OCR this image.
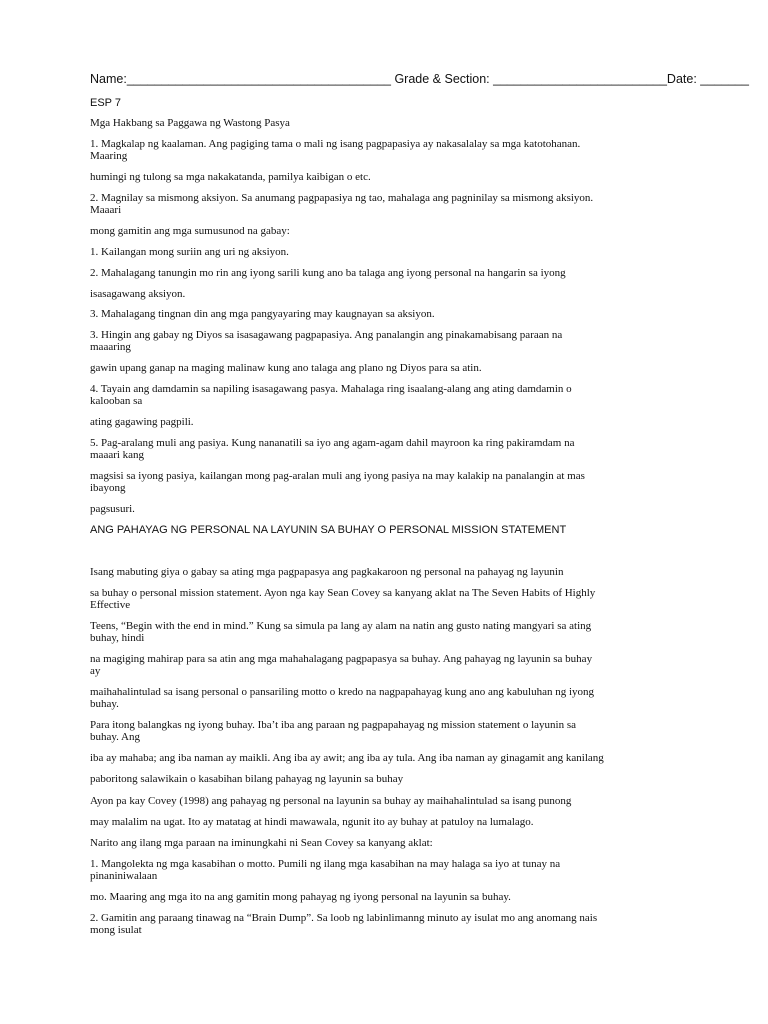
Name:______________________________________ Grade & Section: _________________________Date: _______

ESP 7

Mga Hakbang sa Paggawa ng Wastong Pasya

1. Magkalap ng kaalaman. Ang pagiging tama o mali ng isang pagpapasiya ay nakasalalay sa mga katotohanan.

Maaring

humingi ng tulong sa mga nakakatanda, pamilya kaibigan o etc.

2. Magnilay sa mismong aksiyon. Sa anumang pagpapasiya ng tao, mahalaga ang pagninilay sa mismong aksiyon.

Maaari

mong gamitin ang mga sumusunod na gabay:

1. Kailangan mong suriin ang uri ng aksiyon.

2. Mahalagang tanungin mo rin ang iyong sarili kung ano ba talaga ang iyong personal na hangarin sa iyong

isasagawang aksiyon.

3. Mahalagang tingnan din ang mga pangyayaring may kaugnayan sa aksiyon.

3. Hingin ang gabay ng Diyos sa isasagawang pagpapasiya. Ang panalangin ang pinakamabisang paraan na

maaaring

gawin upang ganap na maging malinaw kung ano talaga ang plano ng Diyos para sa atin.

4. Tayain ang damdamin sa napiling isasagawang pasya. Mahalaga ring isaalang-alang ang ating damdamin o

kalooban sa

ating gagawing pagpili.

5. Pag-aralang muli ang pasiya. Kung nananatili sa iyo ang agam-agam dahil mayroon ka ring pakiramdam na

maaari kang

magsisi sa iyong pasiya, kailangan mong pag-aralan muli ang iyong pasiya na may kalakip na panalangin at mas

ibayong

pagsusuri.

ANG PAHAYAG NG PERSONAL NA LAYUNIN SA BUHAY O PERSONAL MISSION STATEMENT

Isang mabuting giya o gabay sa ating mga pagpapasya ang pagkakaroon ng personal na pahayag ng layunin

sa buhay o personal mission statement. Ayon nga kay Sean Covey sa kanyang aklat na The Seven Habits of Highly

Effective

Teens, “Begin with the end in mind.” Kung sa simula pa lang ay alam na natin ang gusto nating mangyari sa ating

buhay, hindi

na magiging mahirap para sa atin ang mga mahahalagang pagpapasya sa buhay. Ang pahayag ng layunin sa buhay

ay

maihahalintulad sa isang personal o pansariling motto o kredo na nagpapahayag kung ano ang kabuluhan ng iyong

buhay.

Para itong balangkas ng iyong buhay. Iba’t iba ang paraan ng pagpapahayag ng mission statement o layunin sa

buhay. Ang

iba ay mahaba; ang iba naman ay maikli. Ang iba ay awit; ang iba ay tula. Ang iba naman ay ginagamit ang kanilang

paboritong salawikain o kasabihan bilang pahayag ng layunin sa buhay

Ayon pa kay Covey (1998) ang pahayag ng personal na layunin sa buhay ay maihahalintulad sa isang punong

may malalim na ugat. Ito ay matatag at hindi mawawala, ngunit ito ay buhay at patuloy na lumalago.

Narito ang ilang mga paraan na iminungkahi ni Sean Covey sa kanyang aklat:

1. Mangolekta ng mga kasabihan o motto. Pumili ng ilang mga kasabihan na may halaga sa iyo at tunay na

pinaniniwalaan

mo. Maaring ang mga ito na ang gamitin mong pahayag ng iyong personal na layunin sa buhay.

2. Gamitin ang paraang tinawag na “Brain Dump”. Sa loob ng labinlimanng minuto ay isulat mo ang anomang nais

mong isulat
